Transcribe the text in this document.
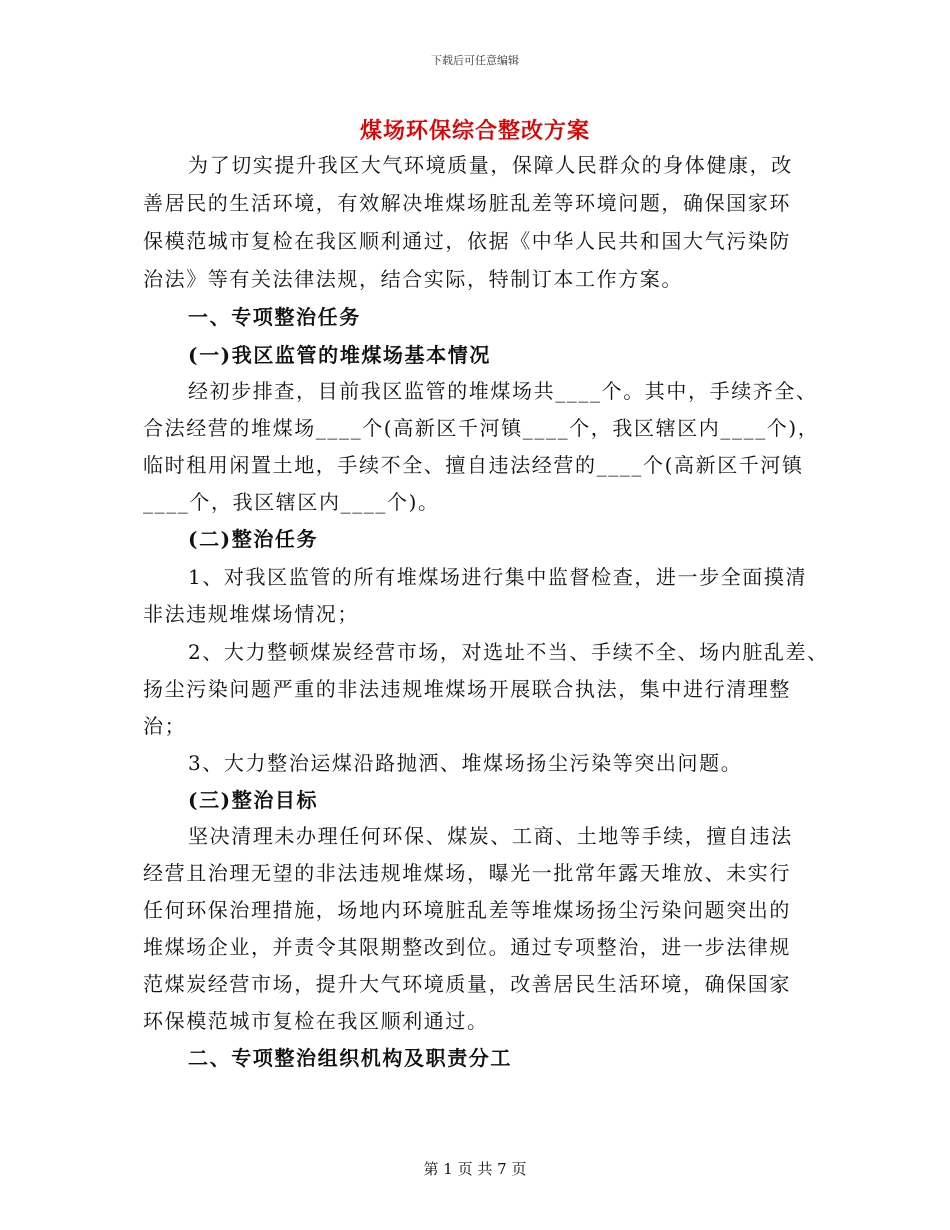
下载后可任意编辑
煤场环保综合整改方案
为了切实提升我区大气环境质量，保障人民群众的身体健康，改
善居民的生活环境，有效解决堆煤场脏乱差等环境问题，确保国家环
保模范城市复检在我区顺利通过，依据《中华人民共和国大气污染防
治法》等有关法律法规，结合实际，特制订本工作方案。
一、专项整治任务
(一)我区监管的堆煤场基本情况
经初步排查，目前我区监管的堆煤场共____个。其中，手续齐全、
合法经营的堆煤场____个(高新区千河镇____个，我区辖区内____个)，
临时租用闲置土地，手续不全、擅自违法经营的____个(高新区千河镇
____个，我区辖区内____个)。
(二)整治任务
1、对我区监管的所有堆煤场进行集中监督检查，进一步全面摸清
非法违规堆煤场情况；
2、大力整顿煤炭经营市场，对选址不当、手续不全、场内脏乱差、
扬尘污染问题严重的非法违规堆煤场开展联合执法，集中进行清理整
治；
3、大力整治运煤沿路抛洒、堆煤场扬尘污染等突出问题。
(三)整治目标
坚决清理未办理任何环保、煤炭、工商、土地等手续，擅自违法
经营且治理无望的非法违规堆煤场，曝光一批常年露天堆放、未实行
任何环保治理措施，场地内环境脏乱差等堆煤场扬尘污染问题突出的
堆煤场企业，并责令其限期整改到位。通过专项整治，进一步法律规
范煤炭经营市场，提升大气环境质量，改善居民生活环境，确保国家
环保模范城市复检在我区顺利通过。
二、专项整治组织机构及职责分工
第 1 页 共 7 页
